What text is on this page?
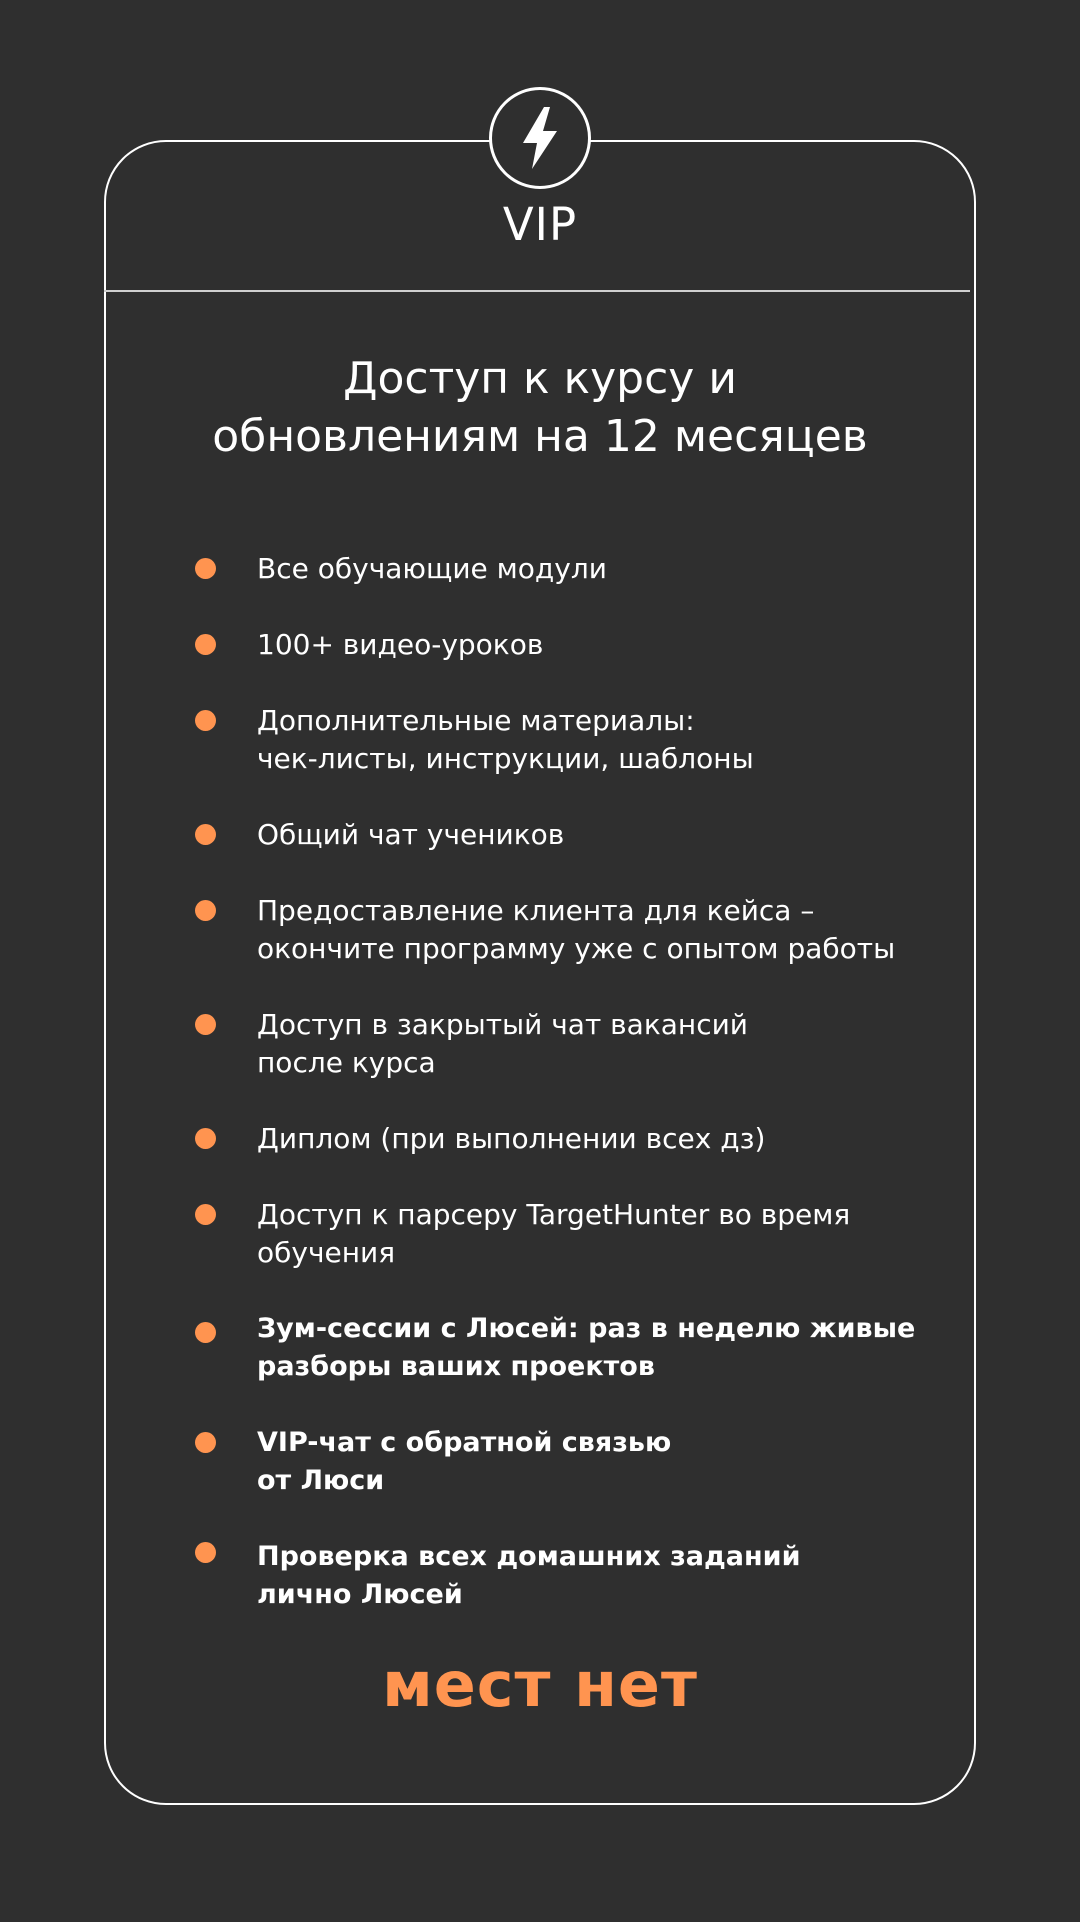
VIP
Доступ к курсу и
обновлениям на 12 месяцев
Все обучающие модули
100+ видео-уроков
Дополнительные материалы:
чек-листы, инструкции, шаблоны
Общий чат учеников
Предоставление клиента для кейса –
окончите программу уже с опытом работы
Доступ в закрытый чат вакансий
после курса
Диплом (при выполнении всех дз)
Доступ к парсеру TargetHunter во время
обучения
Зум-сессии с Люсей: раз в неделю живые
разборы ваших проектов
VIP-чат с обратной связью
от Люси
Проверка всех домашних заданий
лично Люсей
мест нет
